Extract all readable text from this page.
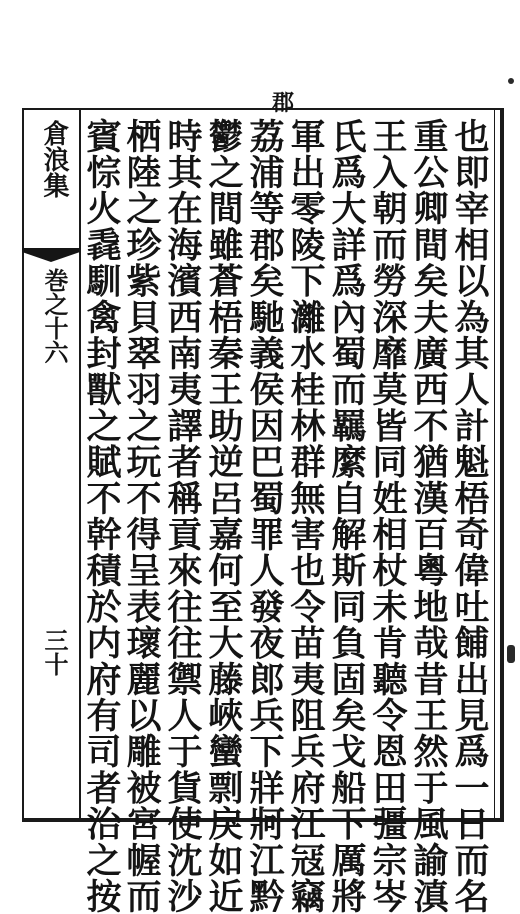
郡
倉浪集
巻之十六
三十	也即宰相以為其人計魁梧奇偉吐餔出見爲一日而名
重公卿間矣夫廣西不猶漢百粵地哉昔王然于風諭滇
王入朝而勞深靡莫皆同姓相杖未肯聽令恩田彊宗岑
氏爲大詳爲內蜀而羈縻自解斯同負固矣戈船下厲將
軍出零陵下灕水桂林群無害也令苗夷阻兵府江冦竊
荔浦等郡矣馳義侯因巴蜀罪人發夜郎兵下牂牁江黔
鬱之間雖蒼梧秦王助逆呂嘉何至大藤峽蠻剽戾如近
時其在海濱西南夷譯者稱貢來往往禦人于貨使沈沙
栖陸之珍紫貝翠羽之玩不得呈表瓌麗以雕被宮幄而
賓悰火毳馴禽封獸之賦不幹積於内府有司者治之按
